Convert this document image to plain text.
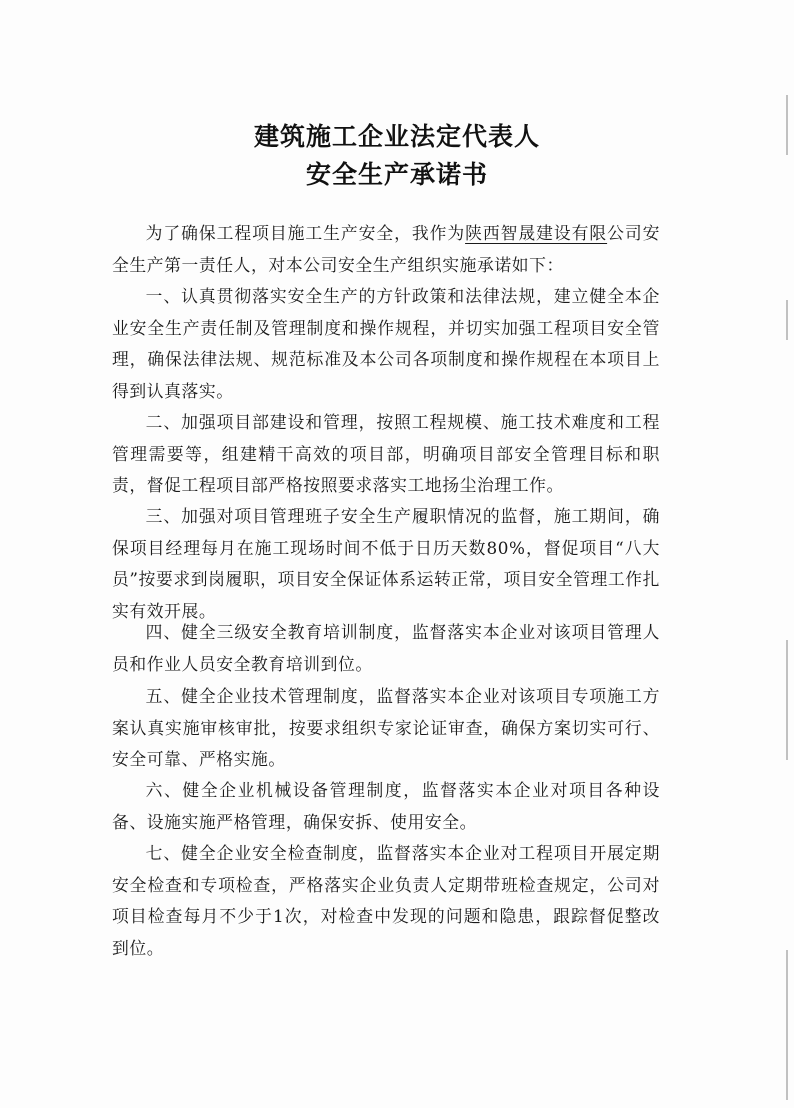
建筑施工企业法定代表人
安全生产承诺书

为了确保工程项目施工生产安全，我作为陕西智晟建设有限公司安全生产第一责任人，对本公司安全生产组织实施承诺如下：

一、认真贯彻落实安全生产的方针政策和法律法规，建立健全本企业安全生产责任制及管理制度和操作规程，并切实加强工程项目安全管理，确保法律法规、规范标准及本公司各项制度和操作规程在本项目上得到认真落实。

二、加强项目部建设和管理，按照工程规模、施工技术难度和工程管理需要等，组建精干高效的项目部，明确项目部安全管理目标和职责，督促工程项目部严格按照要求落实工地扬尘治理工作。

三、加强对项目管理班子安全生产履职情况的监督，施工期间，确保项目经理每月在施工现场时间不低于日历天数80%，督促项目“八大员”按要求到岗履职，项目安全保证体系运转正常，项目安全管理工作扎实有效开展。

四、健全三级安全教育培训制度，监督落实本企业对该项目管理人员和作业人员安全教育培训到位。

五、健全企业技术管理制度，监督落实本企业对该项目专项施工方案认真实施审核审批，按要求组织专家论证审查，确保方案切实可行、安全可靠、严格实施。

六、健全企业机械设备管理制度，监督落实本企业对项目各种设备、设施实施严格管理，确保安拆、使用安全。

七、健全企业安全检查制度，监督落实本企业对工程项目开展定期安全检查和专项检查，严格落实企业负责人定期带班检查规定，公司对项目检查每月不少于1次，对检查中发现的问题和隐患，跟踪督促整改到位。
